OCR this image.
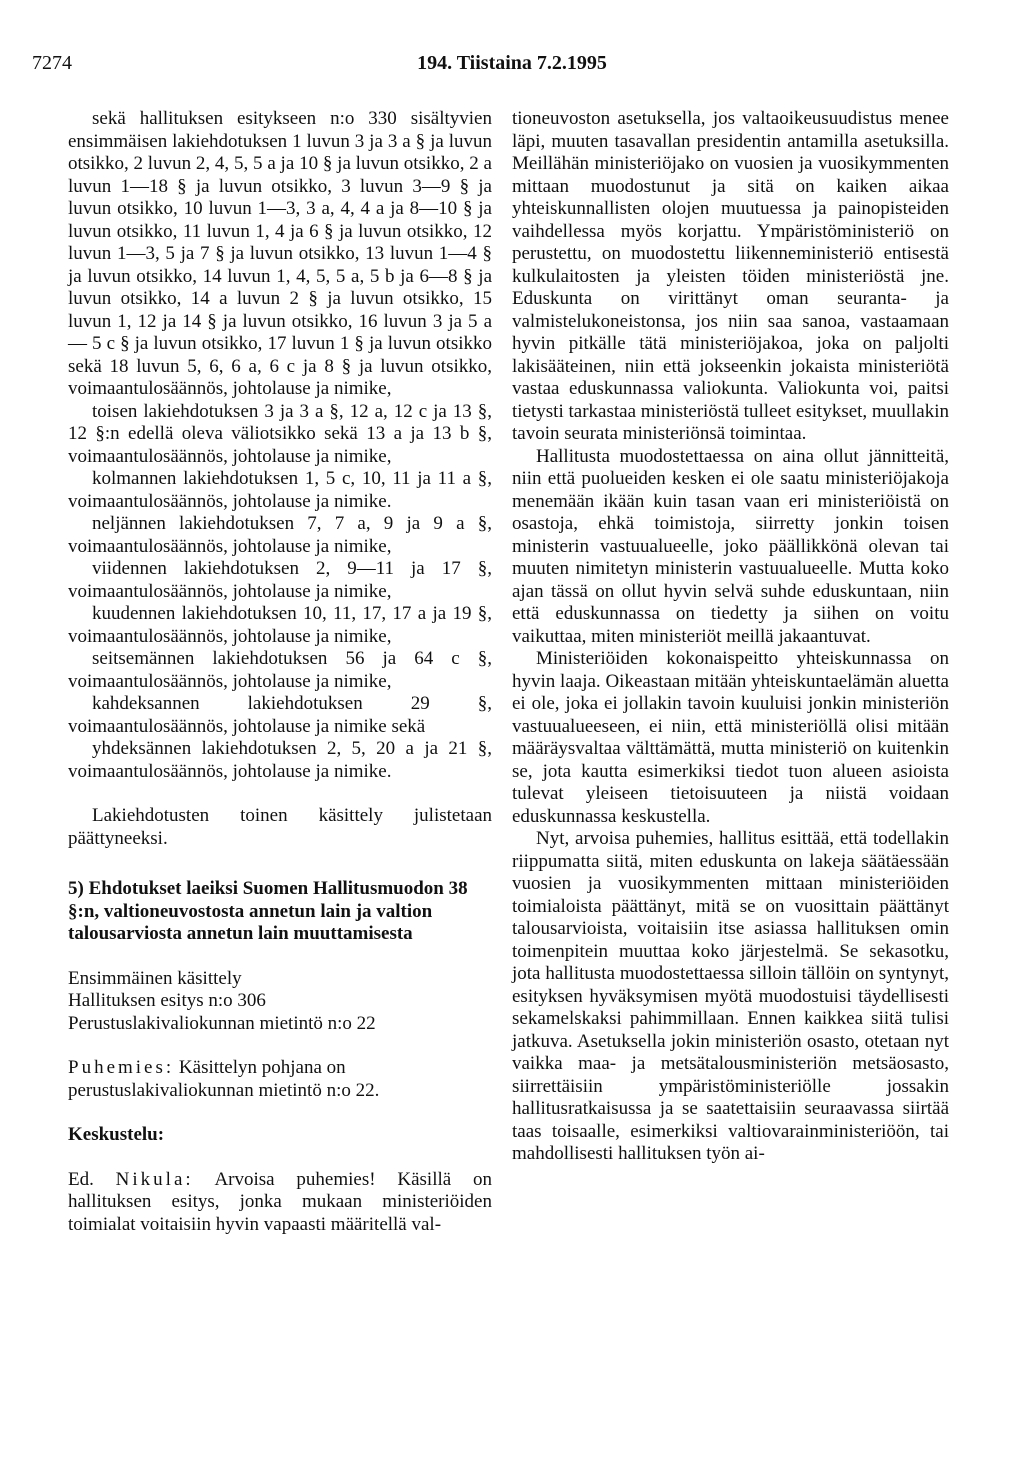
7274	194. Tiistaina 7.2.1995

sekä hallituksen esitykseen n:o 330 sisältyvien ensimmäisen lakiehdotuksen 1 luvun 3 ja 3 a § ja luvun otsikko, 2 luvun 2, 4, 5, 5 a ja 10 § ja luvun otsikko, 2 a luvun 1—18 § ja luvun otsikko, 3 luvun 3—9 § ja luvun otsikko, 10 luvun 1—3, 3 a, 4, 4 a ja 8—10 § ja luvun otsikko, 11 luvun 1, 4 ja 6 § ja luvun otsikko, 12 luvun 1—3, 5 ja 7 § ja luvun otsikko, 13 luvun 1—4 § ja luvun otsikko, 14 luvun 1, 4, 5, 5 a, 5 b ja 6—8 § ja luvun otsikko, 14 a luvun 2 § ja luvun otsikko, 15 luvun 1, 12 ja 14 § ja luvun otsikko, 16 luvun 3 ja 5 a — 5 c § ja luvun otsikko, 17 luvun 1 § ja luvun otsikko sekä 18 luvun 5, 6, 6 a, 6 c ja 8 § ja luvun otsikko, voimaantulosäännös, johtolause ja nimike,

toisen lakiehdotuksen 3 ja 3 a §, 12 a, 12 c ja 13 §, 12 §:n edellä oleva väliotsikko sekä 13 a ja 13 b §, voimaantulosäännös, johtolause ja nimike,

kolmannen lakiehdotuksen 1, 5 c, 10, 11 ja 11 a §, voimaantulosäännös, johtolause ja nimike.

neljännen lakiehdotuksen 7, 7 a, 9 ja 9 a §, voimaantulosäännös, johtolause ja nimike,

viidennen lakiehdotuksen 2, 9—11 ja 17 §, voimaantulosäännös, johtolause ja nimike,

kuudennen lakiehdotuksen 10, 11, 17, 17 a ja 19 §, voimaantulosäännös, johtolause ja nimike,

seitsemännen lakiehdotuksen 56 ja 64 c §, voimaantulosäännös, johtolause ja nimike,

kahdeksannen lakiehdotuksen 29 §, voimaantulosäännös, johtolause ja nimike sekä

yhdeksännen lakiehdotuksen 2, 5, 20 a ja 21 §, voimaantulosäännös, johtolause ja nimike.

Lakiehdotusten toinen käsittely julistetaan päättyneeksi.

5) Ehdotukset laeiksi Suomen Hallitusmuodon 38 §:n, valtioneuvostosta annetun lain ja valtion talousarviosta annetun lain muuttamisesta

Ensimmäinen käsittely

Hallituksen esitys n:o 306

Perustuslakivaliokunnan mietintö n:o 22

Puhemies: Käsittelyn pohjana on perustuslakivaliokunnan mietintö n:o 22.

Keskustelu:

Ed. Nikula: Arvoisa puhemies! Käsillä on hallituksen esitys, jonka mukaan ministeriöiden toimialat voitaisiin hyvin vapaasti määritellä val-

tioneuvoston asetuksella, jos valtaoikeusuudistus menee läpi, muuten tasavallan presidentin antamilla asetuksilla. Meillähän ministeriöjako on vuosien ja vuosikymmenten mittaan muodostunut ja sitä on kaiken aikaa yhteiskunnallisten olojen muutuessa ja painopisteiden vaihdellessa myös korjattu. Ympäristöministeriö on perustettu, on muodostettu liikenneministeriö entisestä kulkulaitosten ja yleisten töiden ministeriöstä jne. Eduskunta on virittänyt oman seuranta- ja valmistelukoneistonsa, jos niin saa sanoa, vastaamaan hyvin pitkälle tätä ministeriöjakoa, joka on paljolti lakisääteinen, niin että jokseenkin jokaista ministeriötä vastaa eduskunnassa valiokunta. Valiokunta voi, paitsi tietysti tarkastaa ministeriöstä tulleet esitykset, muullakin tavoin seurata ministeriönsä toimintaa.

Hallitusta muodostettaessa on aina ollut jännitteitä, niin että puolueiden kesken ei ole saatu ministeriöjakoja menemään ikään kuin tasan vaan eri ministeriöistä on osastoja, ehkä toimistoja, siirretty jonkin toisen ministerin vastuualueelle, joko päällikkönä olevan tai muuten nimitetyn ministerin vastuualueelle. Mutta koko ajan tässä on ollut hyvin selvä suhde eduskuntaan, niin että eduskunnassa on tiedetty ja siihen on voitu vaikuttaa, miten ministeriöt meillä jakaantuvat.

Ministeriöiden kokonaispeitto yhteiskunnassa on hyvin laaja. Oikeastaan mitään yhteiskuntaelämän aluetta ei ole, joka ei jollakin tavoin kuuluisi jonkin ministeriön vastuualueeseen, ei niin, että ministeriöllä olisi mitään määräysvaltaa välttämättä, mutta ministeriö on kuitenkin se, jota kautta esimerkiksi tiedot tuon alueen asioista tulevat yleiseen tietoisuuteen ja niistä voidaan eduskunnassa keskustella.

Nyt, arvoisa puhemies, hallitus esittää, että todellakin riippumatta siitä, miten eduskunta on lakeja säätäessään vuosien ja vuosikymmenten mittaan ministeriöiden toimialoista päättänyt, mitä se on vuosittain päättänyt talousarvioista, voitaisiin itse asiassa hallituksen omin toimenpitein muuttaa koko järjestelmä. Se sekasotku, jota hallitusta muodostettaessa silloin tällöin on syntynyt, esityksen hyväksymisen myötä muodostuisi täydellisesti sekamelskaksi pahimmillaan. Ennen kaikkea siitä tulisi jatkuva. Asetuksella jokin ministeriön osasto, otetaan nyt vaikka maa- ja metsätalousministeriön metsäosasto, siirrettäisiin ympäristöministeriölle jossakin hallitusratkaisussa ja se saatettaisiin seuraavassa siirtää taas toisaalle, esimerkiksi valtiovarainministeriöön, tai mahdollisesti hallituksen työn ai-
